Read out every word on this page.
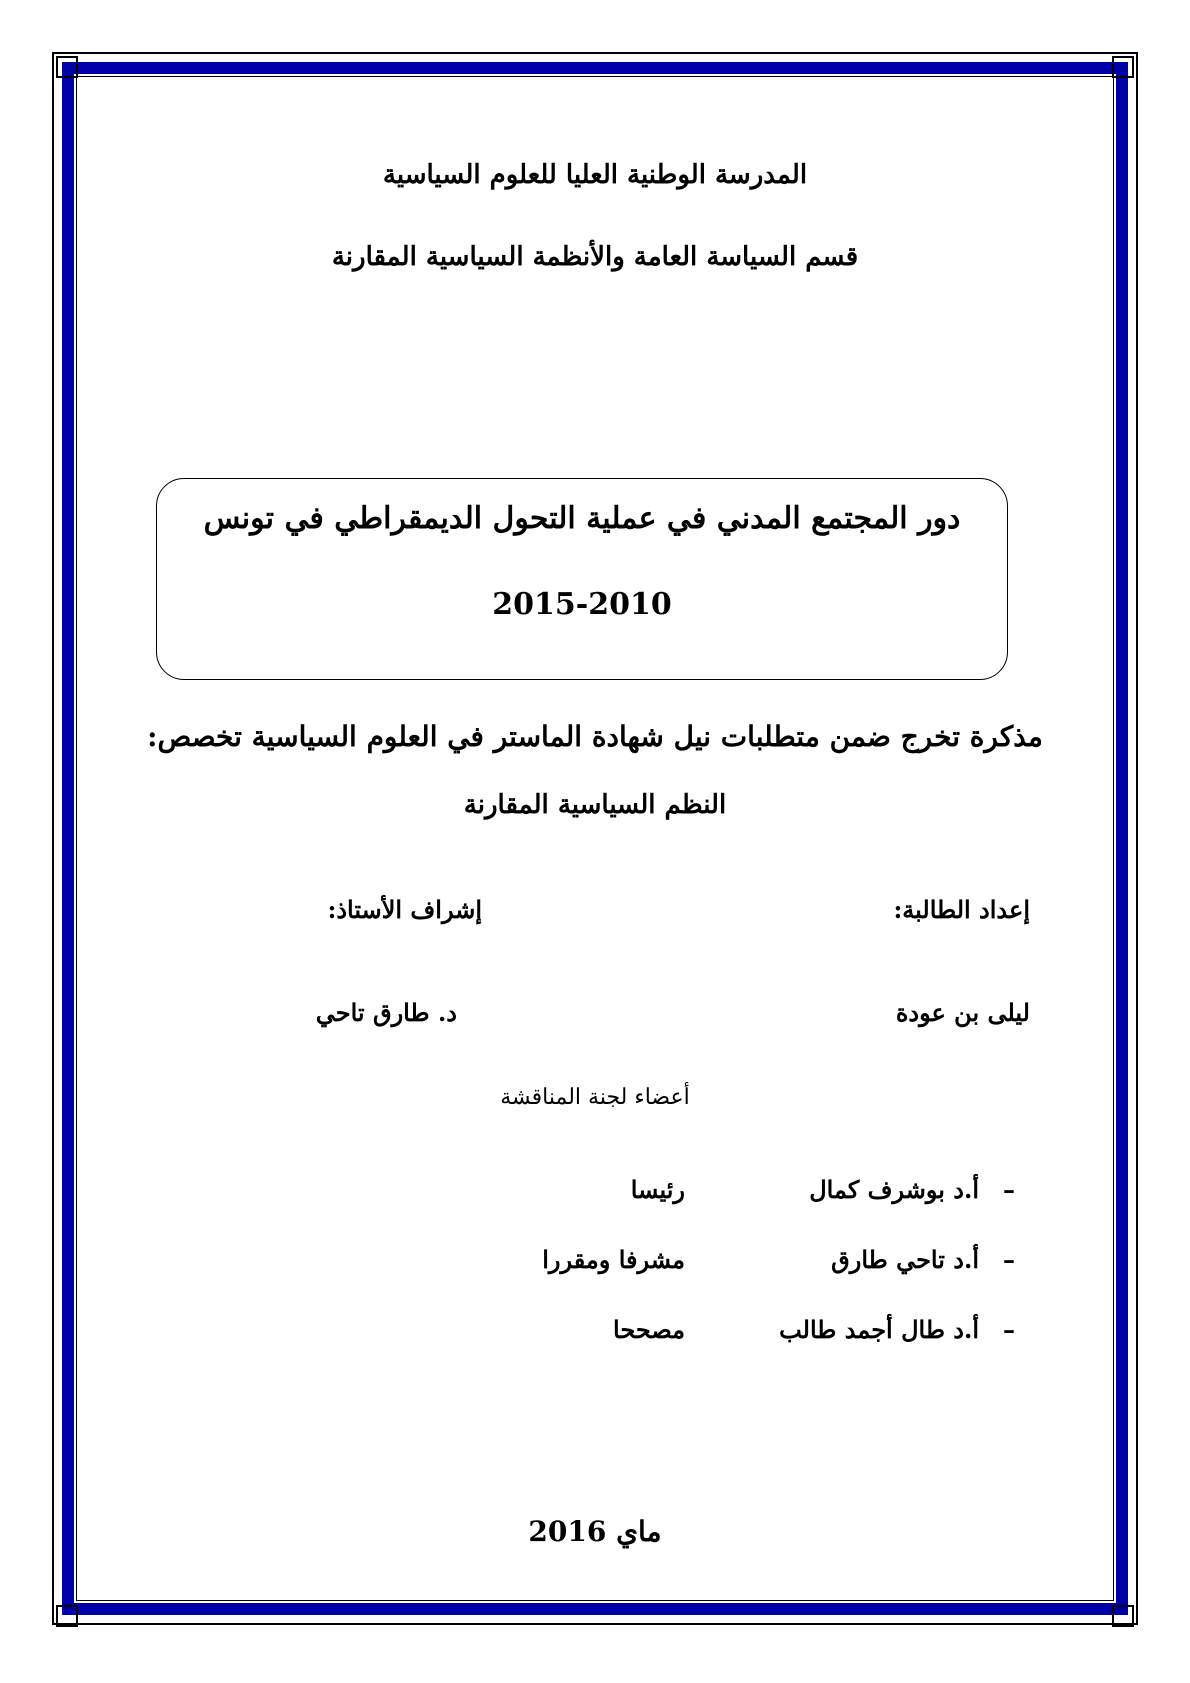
المدرسة الوطنية العليا للعلوم السياسية
قسم السياسة العامة والأنظمة السياسية المقارنة
دور المجتمع المدني في عملية التحول الديمقراطي في تونس
2015-2010
مذكرة تخرج ضمن متطلبات نيل شهادة الماستر في العلوم السياسية تخصص:
النظم السياسية المقارنة
إعداد الطالبة:
إشراف الأستاذ:
ليلى بن عودة
د. طارق تاحي
أعضاء لجنة المناقشة
–أ.د بوشرف كمال
رئيسا
–أ.د تاحي طارق
مشرفا ومقررا
–أ.د طال أجمد طالب
مصححا
ماي 2016
